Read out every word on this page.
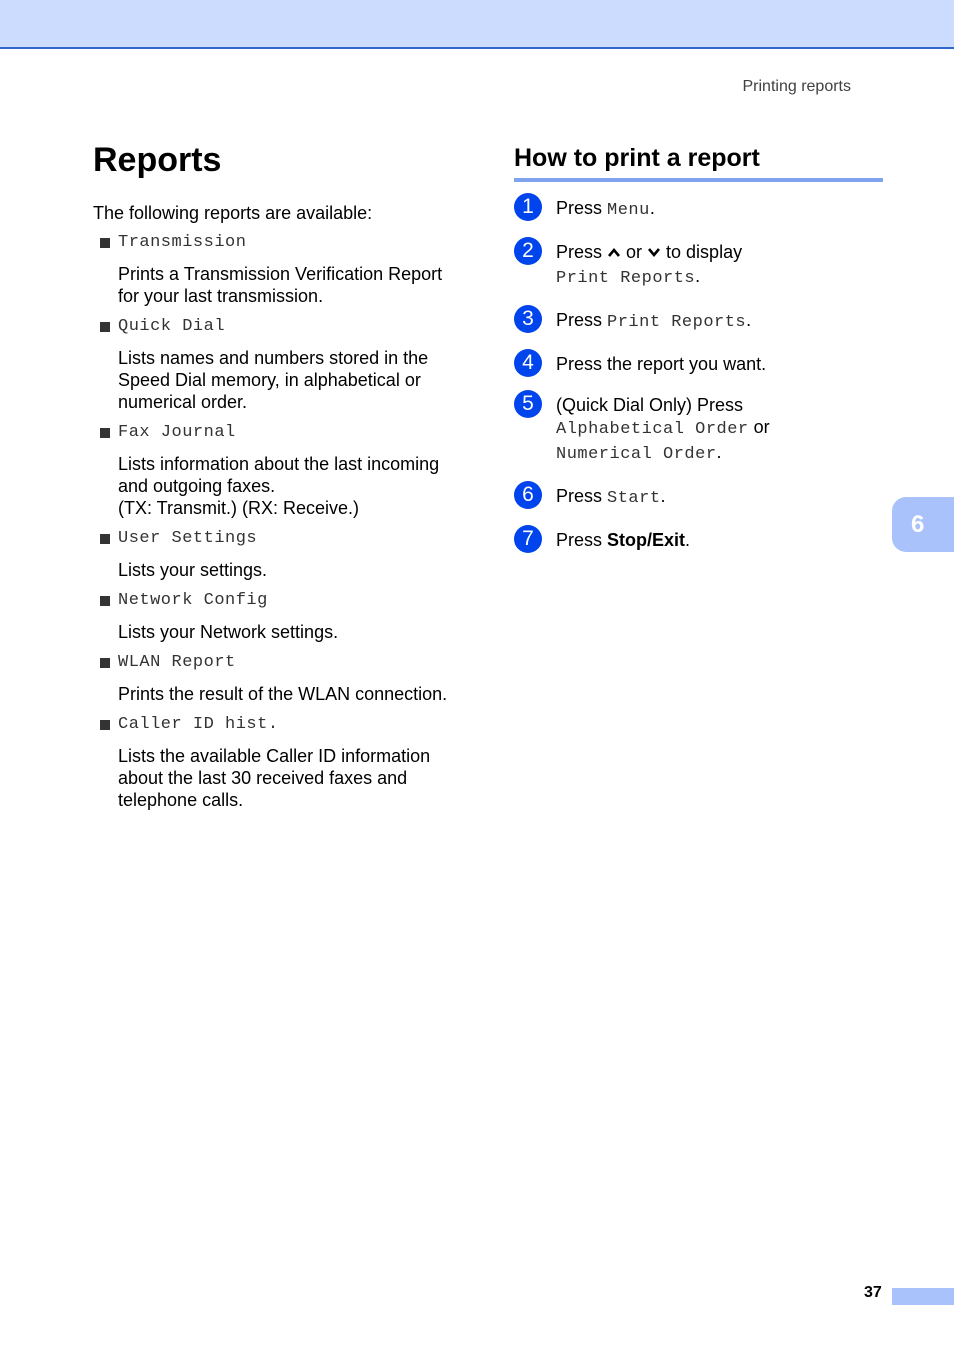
Printing reports
Reports

The following reports are available:

Transmission
Prints a Transmission Verification Report
for your last transmission.
Quick Dial
Lists names and numbers stored in the
Speed Dial memory, in alphabetical or
numerical order.
Fax Journal
Lists information about the last incoming
and outgoing faxes.
(TX: Transmit.) (RX: Receive.)
User Settings
Lists your settings.
Network Config
Lists your Network settings.
WLAN Report
Prints the result of the WLAN connection.
Caller ID hist.
Lists the available Caller ID information
about the last 30 received faxes and
telephone calls.
How to print a report
1	Press Menu.
2	Press  or  to display
Print Reports.
3	Press Print Reports.
4	Press the report you want.
5	(Quick Dial Only) Press
Alphabetical Order or
Numerical Order.
6	Press Start.
7	Press Stop/Exit.
6
37
